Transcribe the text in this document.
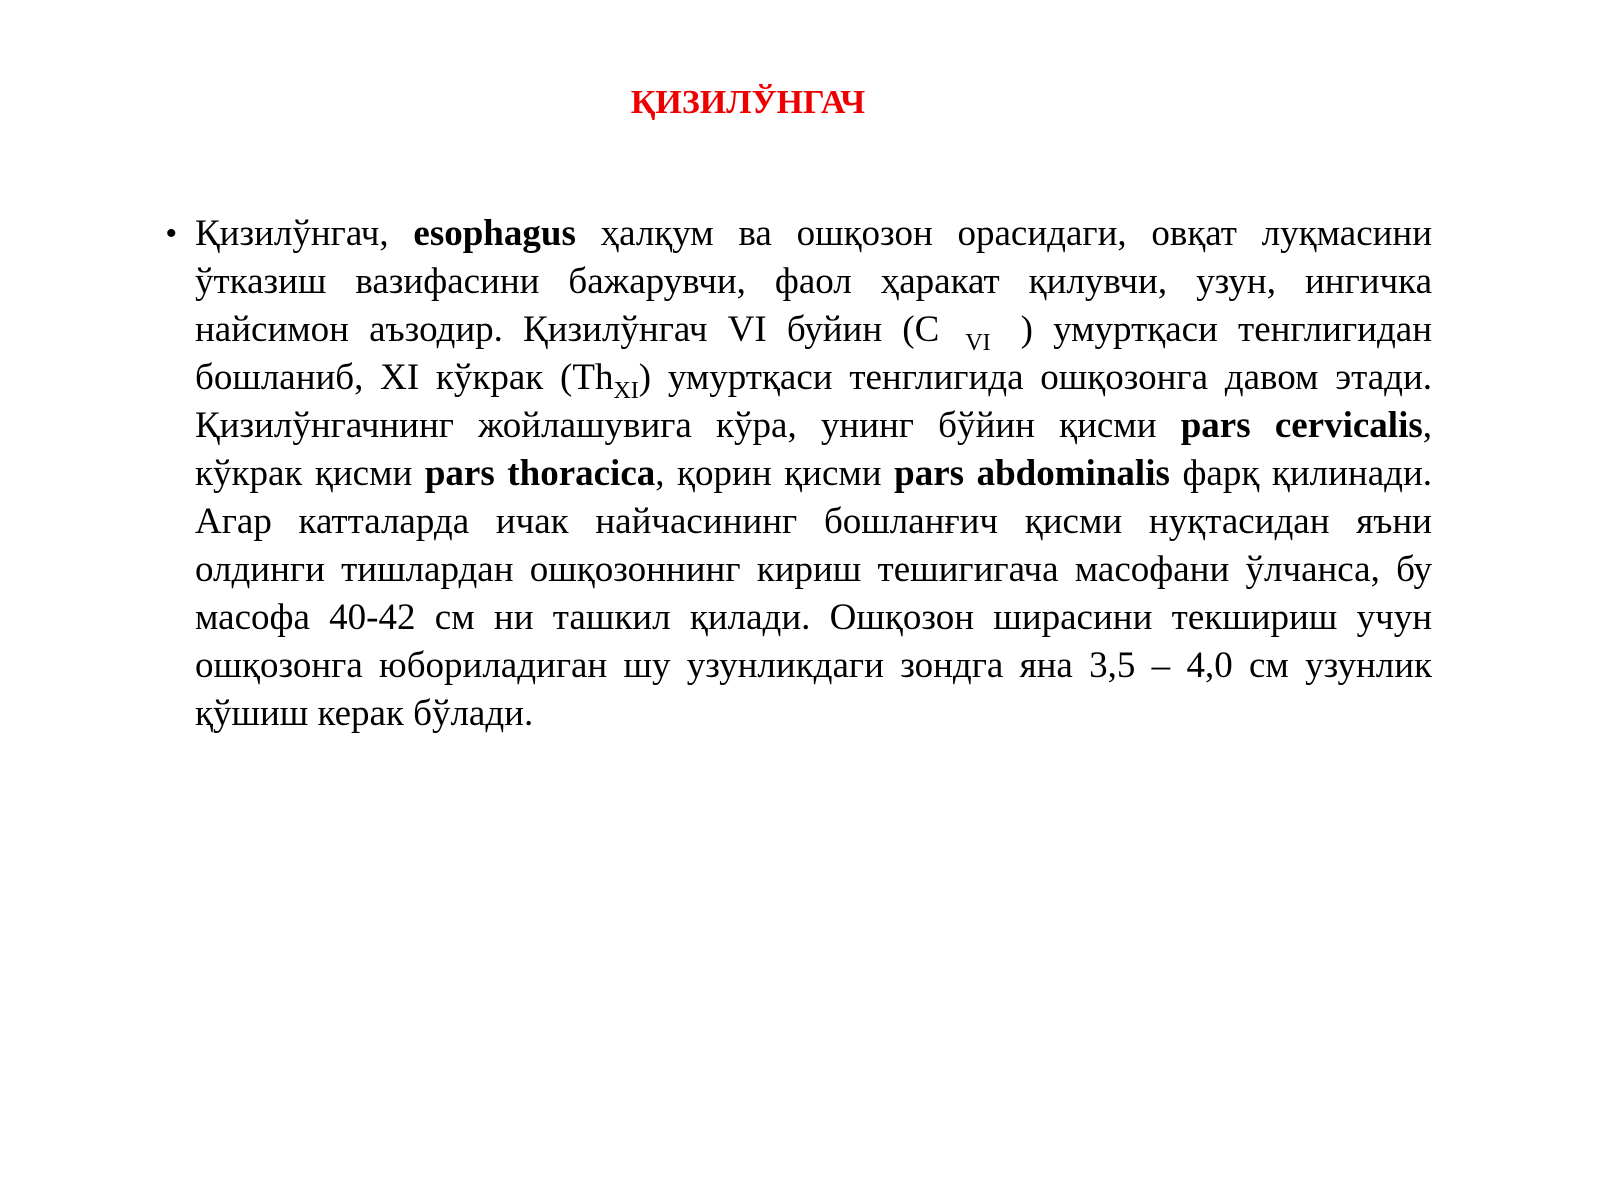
ҚИЗИЛЎНГАЧ
• Қизилўнгач, esophagus ҳалқум ва ошқозон орасидаги, овқат луқмасини ўтказиш вазифасини бажарувчи, фаол ҳаракат қилувчи, узун, ингичка найсимон аъзодир. Қизилўнгач VI буйин (C VI ) умуртқаси тенглигидан бошланиб, XI кўкрак $(Th_{XI})$ умуртқаси тенглигида ошқозонга давом этади. Қизилўнгачнинг жойлашувига кўра, унинг бўйин қисми pars cervicalis, кўкрак қисми pars thoracica, қорин қисми pars abdominalis фарқ қилинади. Агар катталарда ичак найчасининг бошланғич қисми нуқтасидан яъни олдинги тишлардан ошқозоннинг кириш тешигигача масофани ўлчанса, бу масофа 40-42 см ни ташкил қилади. Ошқозон ширасини текшириш учун ошқозонга юбориладиган шу узунликдаги зондга яна 3,5 – 4,0 см узунлик қўшиш керак бўлади.
